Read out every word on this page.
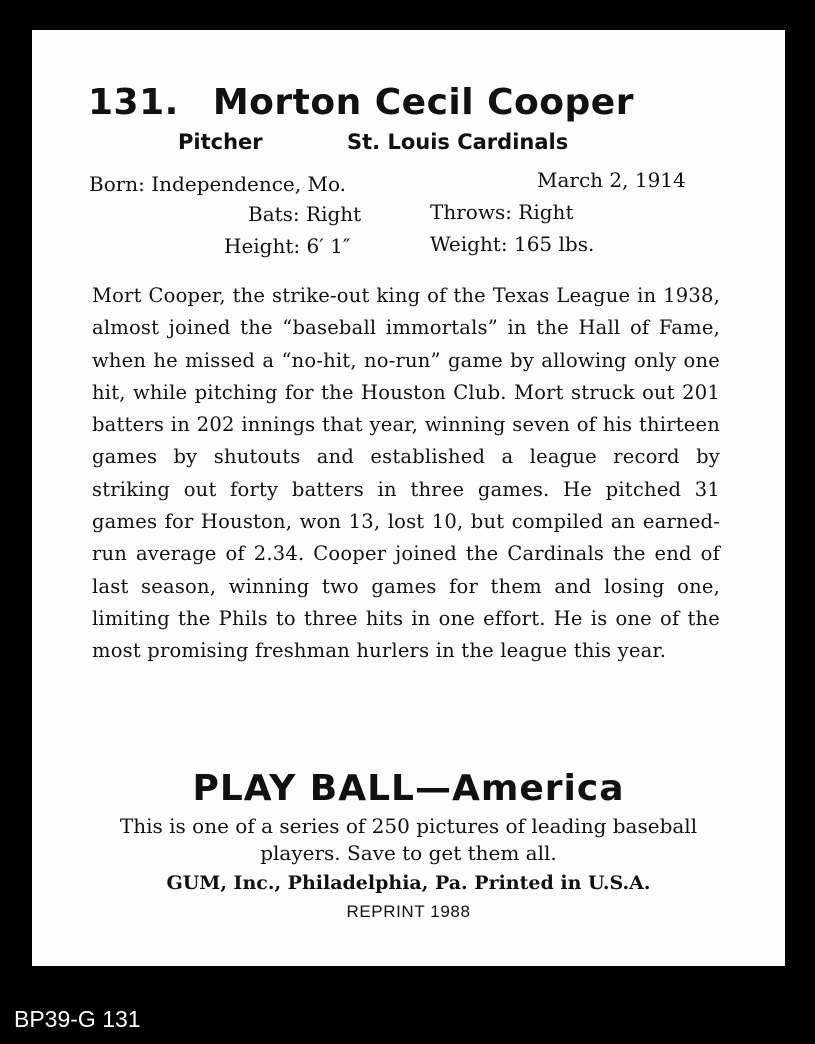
131. Morton Cecil Cooper
Pitcher	St. Louis Cardinals
Born: Independence, Mo.	March 2, 1914
Bats: Right	Throws: Right
Height: 6′ 1″	Weight: 165 lbs.

Mort Cooper, the strike-out king of the Texas League in 1938, almost joined the “baseball immortals” in the Hall of Fame, when he missed a “no-hit, no-run” game by allowing only one hit, while pitching for the Houston Club. Mort struck out 201 batters in 202 innings that year, winning seven of his thirteen games by shutouts and established a league record by striking out forty batters in three games. He pitched 31 games for Houston, won 13, lost 10, but compiled an earned-run average of 2.34. Cooper joined the Cardinals the end of last season, winning two games for them and losing one, limiting the Phils to three hits in one effort. He is one of the most promising freshman hurlers in the league this year.

PLAY BALL—America
This is one of a series of 250 pictures of leading baseball players. Save to get them all.
GUM, Inc., Philadelphia, Pa. Printed in U.S.A.
REPRINT 1988
BP39-G 131
